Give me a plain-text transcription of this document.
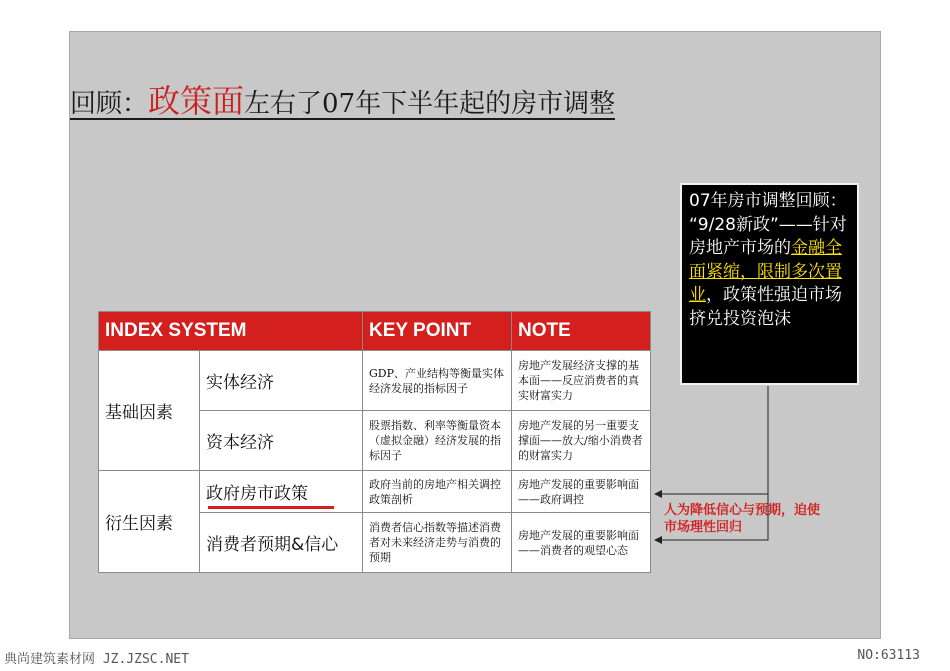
回顾：政策面左右了07年下半年起的房市调整
07年房市调整回顾：
“9/28新政”——针对房地产市场的金融全面紧缩，限制多次置业，政策性强迫市场挤兑投资泡沫
INDEX SYSTEM		KEY POINT	NOTE
基础因素	实体经济	GDP、产业结构等衡量实体经济发展的指标因子	房地产发展经济支撑的基本面——反应消费者的真实财富实力
	资本经济	股票指数、利率等衡量资本（虚拟金融）经济发展的指标因子	房地产发展的另一重要支撑面——放大/缩小消费者的财富实力
衍生因素	政府房市政策	政府当前的房地产相关调控政策剖析	房地产发展的重要影响面——政府调控
	消费者预期&信心	消费者信心指数等描述消费者对未来经济走势与消费的预期	房地产发展的重要影响面——消费者的观望心态
人为降低信心与预期，迫使市场理性回归
典尚建筑素材网 JZ.JZSC.NET	NO:63113
